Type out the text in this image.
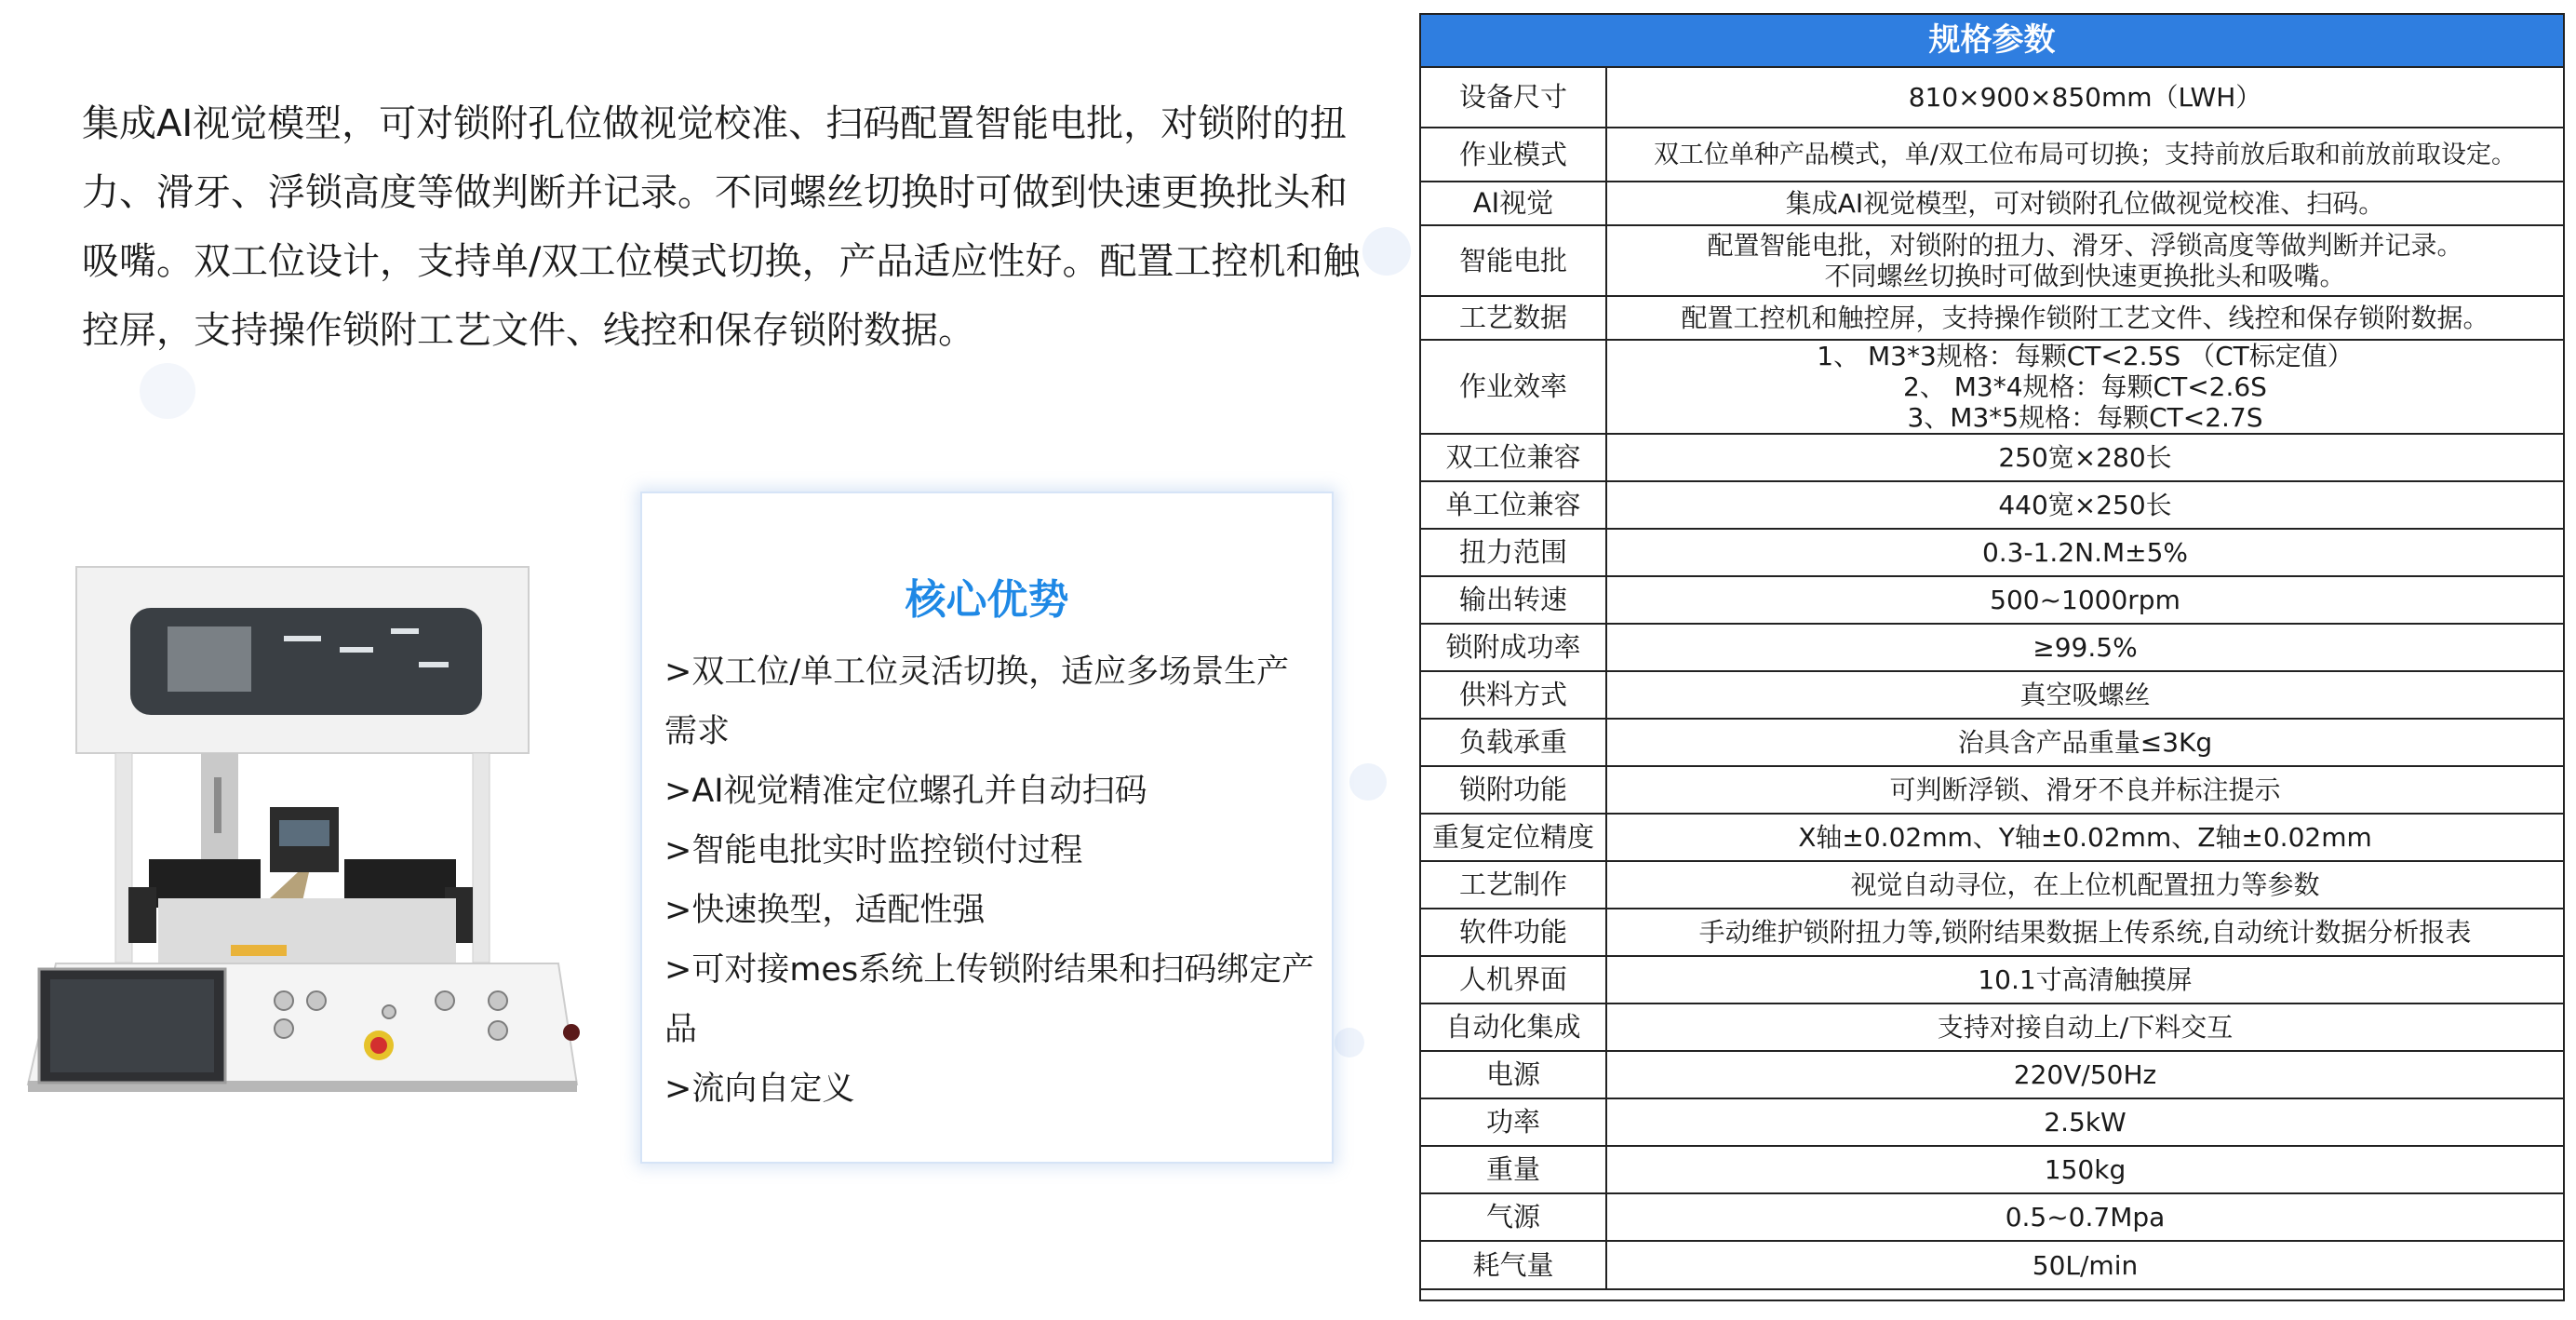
集成AI视觉模型，可对锁附孔位做视觉校准、扫码配置智能电批，对锁附的扭力、滑牙、浮锁高度等做判断并记录。不同螺丝切换时可做到快速更换批头和吸嘴。双工位设计，支持单/双工位模式切换，产品适应性好。配置工控机和触控屏，支持操作锁附工艺文件、线控和保存锁附数据。

核心优势
>双工位/单工位灵活切换，适应多场景生产需求
>AI视觉精准定位螺孔并自动扫码
>智能电批实时监控锁付过程
>快速换型，适配性强
>可对接mes系统上传锁附结果和扫码绑定产品
>流向自定义
规格参数
设备尺寸	810×900×850mm（LWH）

作业模式	双工位单种产品模式，单/双工位布局可切换；支持前放后取和前放前取设定。

AI视觉	集成AI视觉模型，可对锁附孔位做视觉校准、扫码。

智能电批	配置智能电批，对锁附的扭力、滑牙、浮锁高度等做判断并记录。
不同螺丝切换时可做到快速更换批头和吸嘴。

工艺数据	配置工控机和触控屏，支持操作锁附工艺文件、线控和保存锁附数据。

作业效率	1、 M3*3规格：每颗CT<2.5S （CT标定值）
2、 M3*4规格：每颗CT<2.6S
3、M3*5规格：每颗CT<2.7S

双工位兼容	250宽×280长

单工位兼容	440宽×250长

扭力范围	0.3-1.2N.M±5%

输出转速	500~1000rpm

锁附成功率	≥99.5%

供料方式	真空吸螺丝

负载承重	治具含产品重量≤3Kg

锁附功能	可判断浮锁、滑牙不良并标注提示

重复定位精度	X轴±0.02mm、Y轴±0.02mm、Z轴±0.02mm

工艺制作	视觉自动寻位，在上位机配置扭力等参数

软件功能	手动维护锁附扭力等,锁附结果数据上传系统,自动统计数据分析报表

人机界面	10.1寸高清触摸屏

自动化集成	支持对接自动上/下料交互

电源	220V/50Hz

功率	2.5kW

重量	150kg

气源	0.5~0.7Mpa

耗气量	50L/min
